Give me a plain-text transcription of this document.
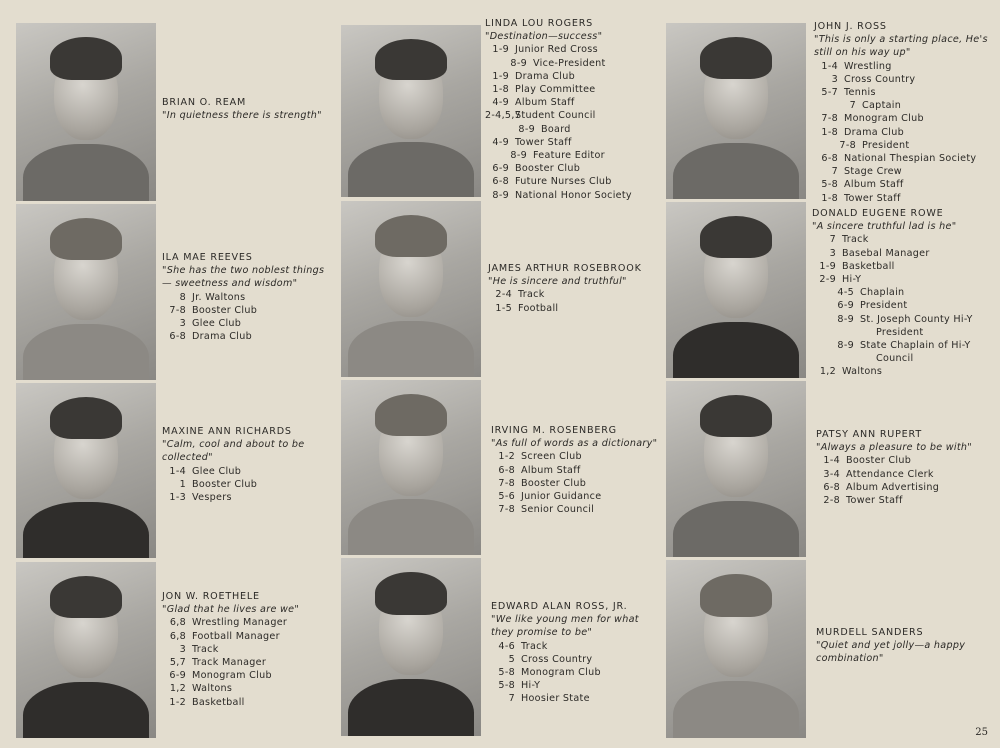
BRIAN O. REAM
"In quietness there is strength"
ILA MAE REEVES
"She has the two noblest things— sweetness and wisdom"
8 Jr. Waltons
7-8 Booster Club
3 Glee Club
6-8 Drama Club
MAXINE ANN RICHARDS
"Calm, cool and about to be collected"
1-4 Glee Club
1 Booster Club
1-3 Vespers
JON W. ROETHELE
"Glad that he lives are we"
6,8 Wrestling Manager
6,8 Football Manager
3 Track
5,7 Track Manager
6-9 Monogram Club
1,2 Waltons
1-2 Basketball
LINDA LOU ROGERS
"Destination—success"
1-9 Junior Red Cross
8-9 Vice-President
1-9 Drama Club
1-8 Play Committee
4-9 Album Staff
2-4,5,7
Student Council
8-9 Board
4-9 Tower Staff
8-9 Feature Editor
6-9 Booster Club
6-8 Future Nurses Club
8-9 National Honor Society
JAMES ARTHUR ROSEBROOK
"He is sincere and truthful"
2-4 Track
1-5 Football
IRVING M. ROSENBERG
"As full of words as a dictionary"
1-2 Screen Club
6-8 Album Staff
7-8 Booster Club
5-6 Junior Guidance
7-8 Senior Council
EDWARD ALAN ROSS, JR.
"We like young men for what they promise to be"
4-6 Track
5 Cross Country
5-8 Monogram Club
5-8 Hi-Y
7 Hoosier State
JOHN J. ROSS
"This is only a starting place, He's still on his way up"
1-4 Wrestling
3 Cross Country
5-7 Tennis
7 Captain
7-8 Monogram Club
1-8 Drama Club
7-8 President
6-8 National Thespian Society
7 Stage Crew
5-8 Album Staff
1-8 Tower Staff
DONALD EUGENE ROWE
"A sincere truthful lad is he"
7 Track
3 Basebal Manager
1-9 Basketball
2-9 Hi-Y
4-5 Chaplain
6-9 President
8-9 St. Joseph County Hi-Y
President
8-9 State Chaplain of Hi-Y
Council
1,2 Waltons
PATSY ANN RUPERT
"Always a pleasure to be with"
1-4 Booster Club
3-4 Attendance Clerk
6-8 Album Advertising
2-8 Tower Staff
MURDELL SANDERS
"Quiet and yet jolly—a happy combination"
25
